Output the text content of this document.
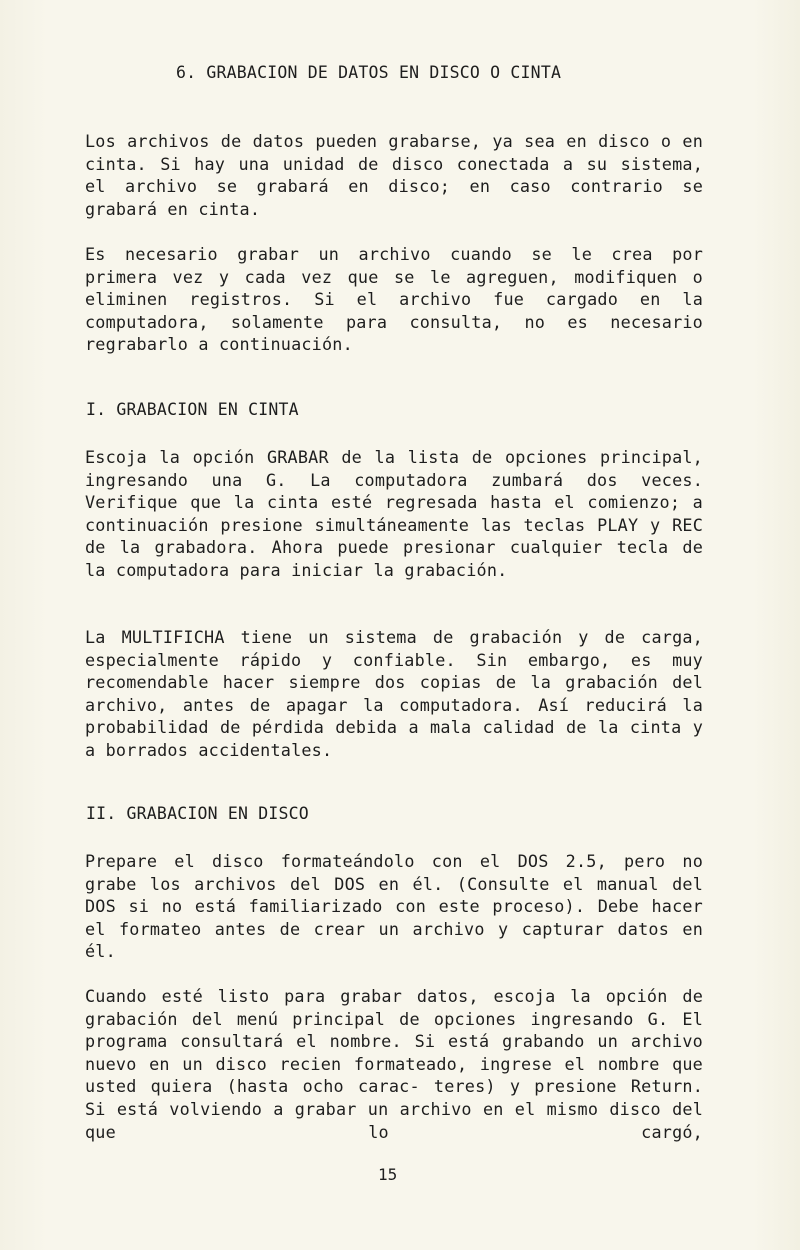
6. GRABACION DE DATOS EN DISCO O CINTA

Los archivos de datos pueden grabarse, ya sea en disco o en cinta. Si hay una unidad de disco conectada a su sistema, el archivo se grabará en disco; en caso contrario se grabará en cinta.

Es necesario grabar un archivo cuando se le crea por primera vez y cada vez que se le agreguen, modifiquen o eliminen registros. Si el archivo fue cargado en la computadora, solamente para consulta, no es necesario regrabarlo a continuación.

I. GRABACION EN CINTA

Escoja la opción GRABAR de la lista de opciones principal, ingresando una G. La computadora zumbará dos veces. Verifique que la cinta esté regresada hasta el comienzo; a continuación presione simultáneamente las teclas PLAY y REC de la grabadora. Ahora puede presionar cualquier tecla de la computadora para iniciar la grabación.

La MULTIFICHA tiene un sistema de grabación y de carga, especialmente rápido y confiable. Sin embargo, es muy recomendable hacer siempre dos copias de la grabación del archivo, antes de apagar la computadora. Así reducirá la probabilidad de pérdida debida a mala calidad de la cinta y a borrados accidentales.

II. GRABACION EN DISCO

Prepare el disco formateándolo con el DOS 2.5, pero no grabe los archivos del DOS en él. (Consulte el manual del DOS si no está familiarizado con este proceso). Debe hacer el formateo antes de crear un archivo y capturar datos en él.

Cuando esté listo para grabar datos, escoja la opción de grabación del menú principal de opciones ingresando G. El programa consultará el nombre. Si está grabando un archivo nuevo en un disco recien formateado, ingrese el nombre que usted quiera (hasta ocho carac- teres) y presione Return. Si está volviendo a grabar un archivo en el mismo disco del que lo cargó,

15
